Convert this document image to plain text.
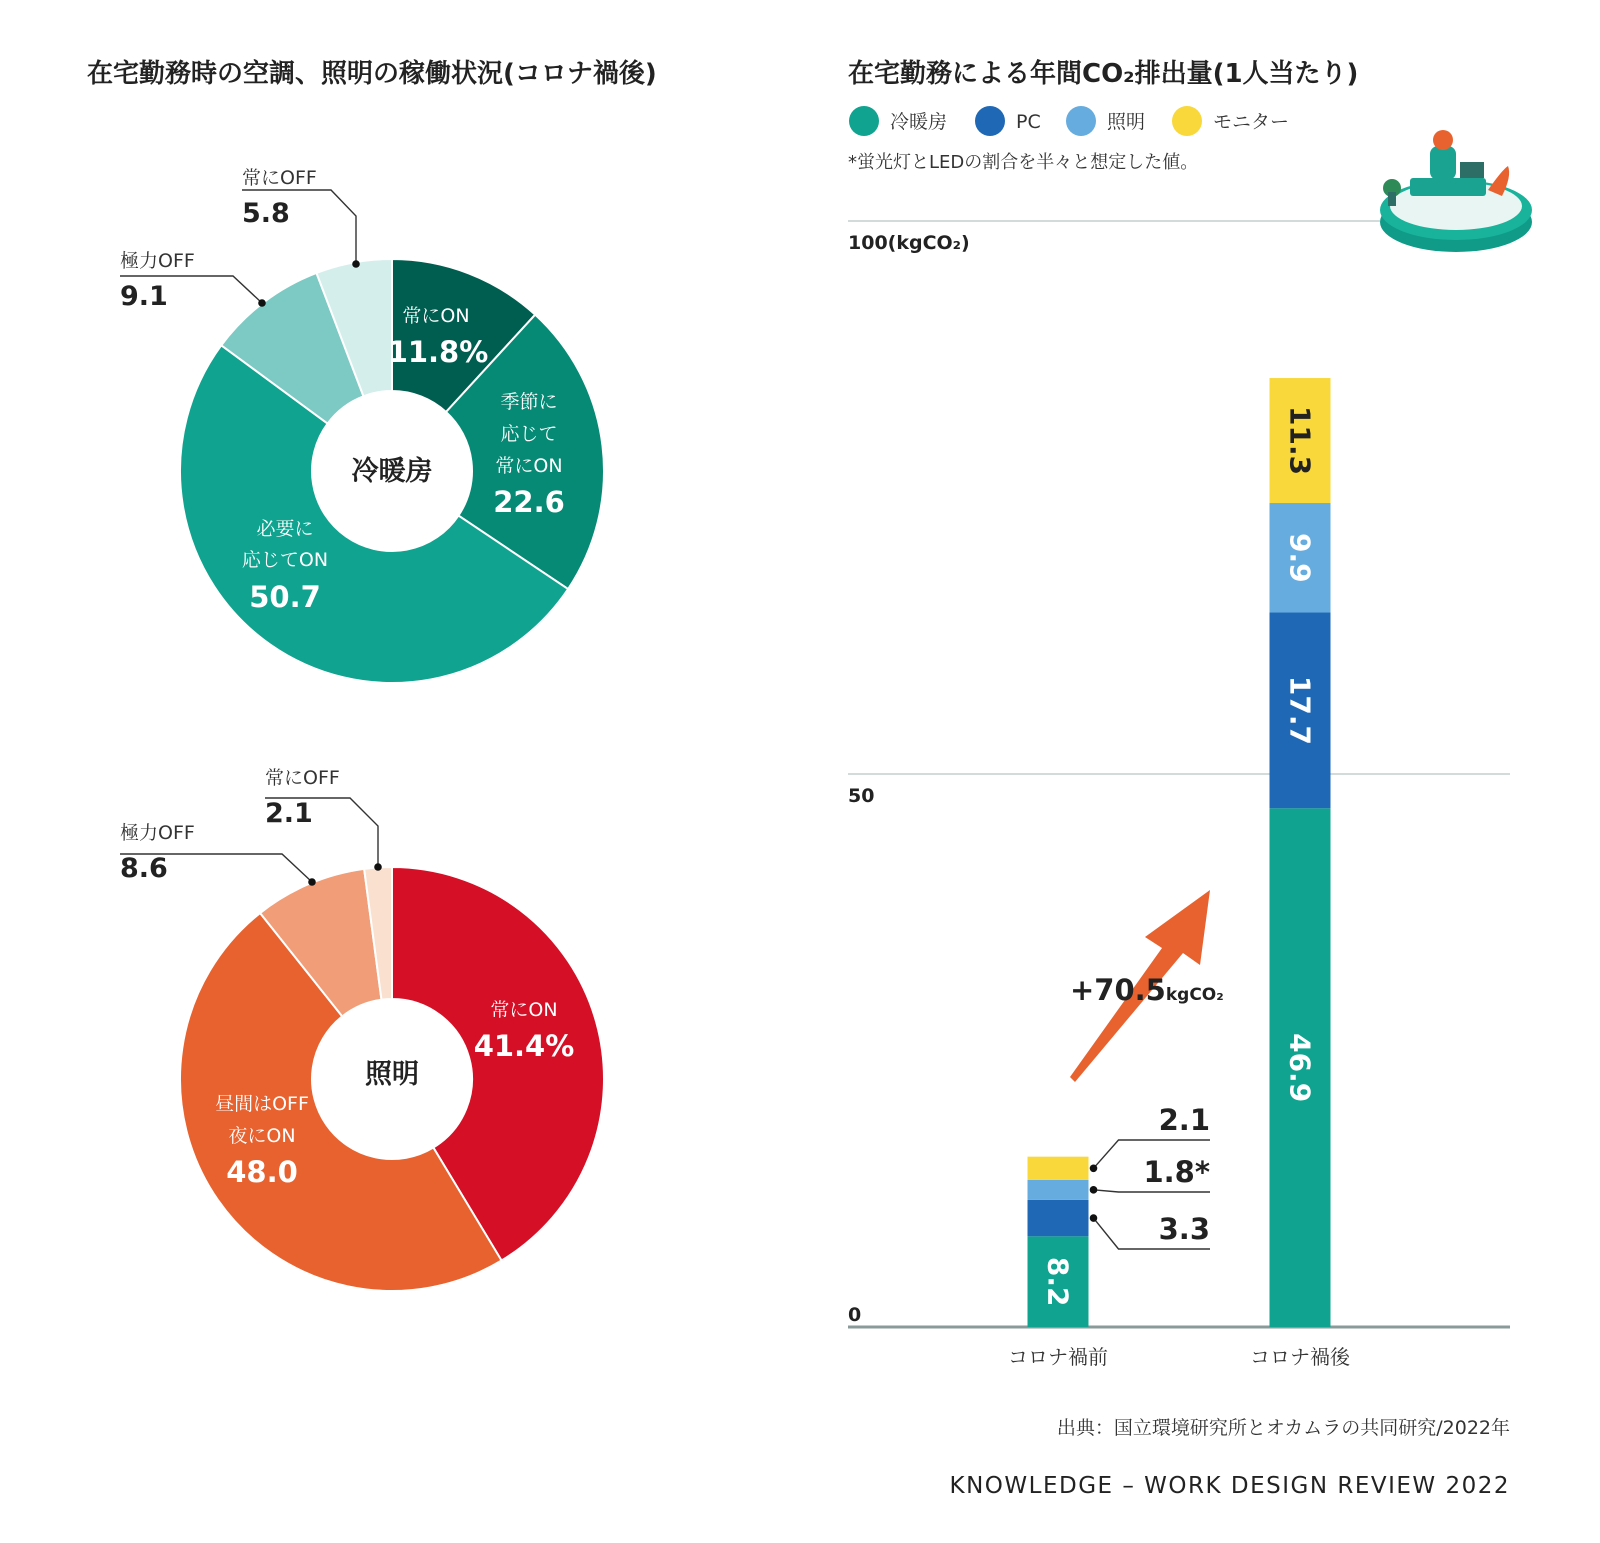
在宅勤務時の空調、照明の稼働状況(コロナ禍後)	在宅勤務による年間CO₂排出量(1人当たり)
冷暖房	PC	照明	モニター
*蛍光灯とLEDの割合を半々と想定した値。
0
50
100(kgCO₂)
8.2
コロナ禍前
46.9
17.7
9.9
11.3
コロナ禍後
2.1
1.8*
3.3
冷暖房
照明
常にON
11.8%
季節に
応じて
常にON
22.6
必要に
応じてON
50.7
極力OFF
9.1
常にOFF
5.8
常にON
41.4%
昼間はOFF
夜にON
48.0
極力OFF
8.6
常にOFF
2.1
+70.5kgCO₂
出典：国立環境研究所とオカムラの共同研究/2022年
KNOWLEDGE – WORK DESIGN REVIEW 2022
